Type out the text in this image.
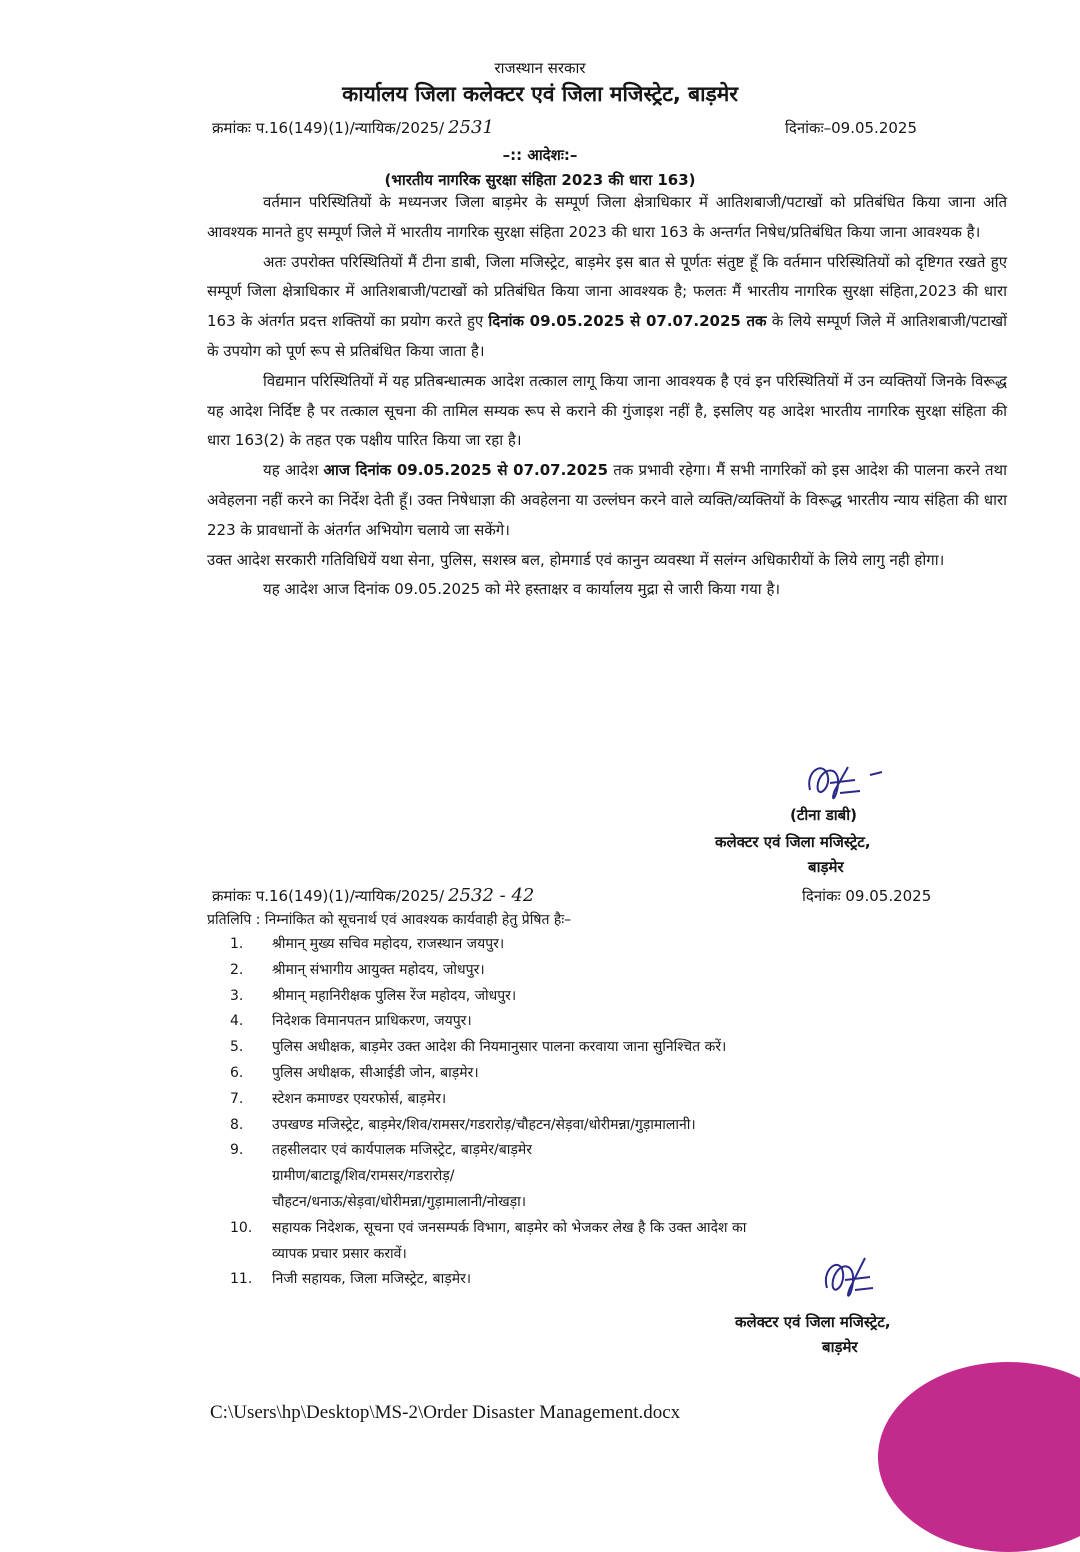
राजस्थान सरकार
कार्यालय जिला कलेक्टर एवं जिला मजिस्ट्रेट, बाड़मेर
क्रमांकः प.16(149)(1)/न्यायिक/2025/ 2531	दिनांकः–09.05.2025
–:: आदेशः:–
(भारतीय नागरिक सुरक्षा संहिता 2023 की धारा 163)

वर्तमान परिस्थितियों के मध्यनजर जिला बाड़मेर के सम्पूर्ण जिला क्षेत्राधिकार में आतिशबाजी/पटाखों को प्रतिबंधित किया जाना अति आवश्यक मानते हुए सम्पूर्ण जिले में भारतीय नागरिक सुरक्षा संहिता 2023 की धारा 163 के अन्तर्गत निषेध/प्रतिबंधित किया जाना आवश्यक है।

अतः उपरोक्त परिस्थितियों मैं टीना डाबी, जिला मजिस्ट्रेट, बाड़मेर इस बात से पूर्णतः संतुष्ट हूँ कि वर्तमान परिस्थितियों को दृष्टिगत रखते हुए सम्पूर्ण जिला क्षेत्राधिकार में आतिशबाजी/पटाखों को प्रतिबंधित किया जाना आवश्यक है; फलतः मैं भारतीय नागरिक सुरक्षा संहिता,2023 की धारा 163 के अंतर्गत प्रदत्त शक्तियों का प्रयोग करते हुए दिनांक 09.05.2025 से 07.07.2025 तक के लिये सम्पूर्ण जिले में आतिशबाजी/पटाखों के उपयोग को पूर्ण रूप से प्रतिबंधित किया जाता है।

विद्यमान परिस्थितियों में यह प्रतिबन्धात्मक आदेश तत्काल लागू किया जाना आवश्यक है एवं इन परिस्थितियों में उन व्यक्तियों जिनके विरूद्ध यह आदेश निर्दिष्ट है पर तत्काल सूचना की तामिल सम्यक रूप से कराने की गुंजाइश नहीं है, इसलिए यह आदेश भारतीय नागरिक सुरक्षा संहिता की धारा 163(2) के तहत एक पक्षीय पारित किया जा रहा है।

यह आदेश आज दिनांक 09.05.2025 से 07.07.2025 तक प्रभावी रहेगा। मैं सभी नागरिकों को इस आदेश की पालना करने तथा अवेहलना नहीं करने का निर्देश देती हूँ। उक्त निषेधाज्ञा की अवहेलना या उल्लंघन करने वाले व्यक्ति/व्यक्तियों के विरूद्ध भारतीय न्याय संहिता की धारा 223 के प्रावधानों के अंतर्गत अभियोग चलाये जा सकेंगे।

उक्त आदेश सरकारी गतिविधियें यथा सेना, पुलिस, सशस्त्र बल, होमगार्ड एवं कानुन व्यवस्था में सलंग्न अधिकारीयों के लिये लागु नही होगा।

यह आदेश आज दिनांक 09.05.2025 को मेरे हस्ताक्षर व कार्यालय मुद्रा से जारी किया गया है।

(टीना डाबी)
कलेक्टर एवं जिला मजिस्ट्रेट,
बाड़मेर
क्रमांकः प.16(149)(1)/न्यायिक/2025/ 2532 - 42	दिनांकः 09.05.2025
प्रतिलिपि : निम्नांकित को सूचनार्थ एवं आवश्यक कार्यवाही हेतु प्रेषित हैः–
1.	श्रीमान् मुख्य सचिव महोदय, राजस्थान जयपुर।
2.	श्रीमान् संभागीय आयुक्त महोदय, जोधपुर।
3.	श्रीमान् महानिरीक्षक पुलिस रेंज महोदय, जोधपुर।
4.	निदेशक विमानपतन प्राधिकरण, जयपुर।
5.	पुलिस अधीक्षक, बाड़मेर उक्त आदेश की नियमानुसार पालना करवाया जाना सुनिश्चित करें।
6.	पुलिस अधीक्षक, सीआईडी जोन, बाड़मेर।
7.	स्टेशन कमाण्डर एयरफोर्स, बाड़मेर।
8.	उपखण्ड मजिस्ट्रेट, बाड़मेर/शिव/रामसर/गडरारोड़/चौहटन/सेड़वा/धोरीमन्ना/गुड़ामालानी।
9.	तहसीलदार एवं कार्यपालक मजिस्ट्रेट, बाड़मेर/बाड़मेर
ग्रामीण/बाटाडू/शिव/रामसर/गडरारोड़/
चौहटन/धनाऊ/सेड़वा/धोरीमन्ना/गुड़ामालानी/नोखड़ा।
10.	सहायक निदेशक, सूचना एवं जनसम्पर्क विभाग, बाड़मेर को भेजकर लेख है कि उक्त आदेश का
व्यापक प्रचार प्रसार करावें।
11.	निजी सहायक, जिला मजिस्ट्रेट, बाड़मेर।
कलेक्टर एवं जिला मजिस्ट्रेट,
बाड़मेर
C:\Users\hp\Desktop\MS-2\Order Disaster Management.docx
